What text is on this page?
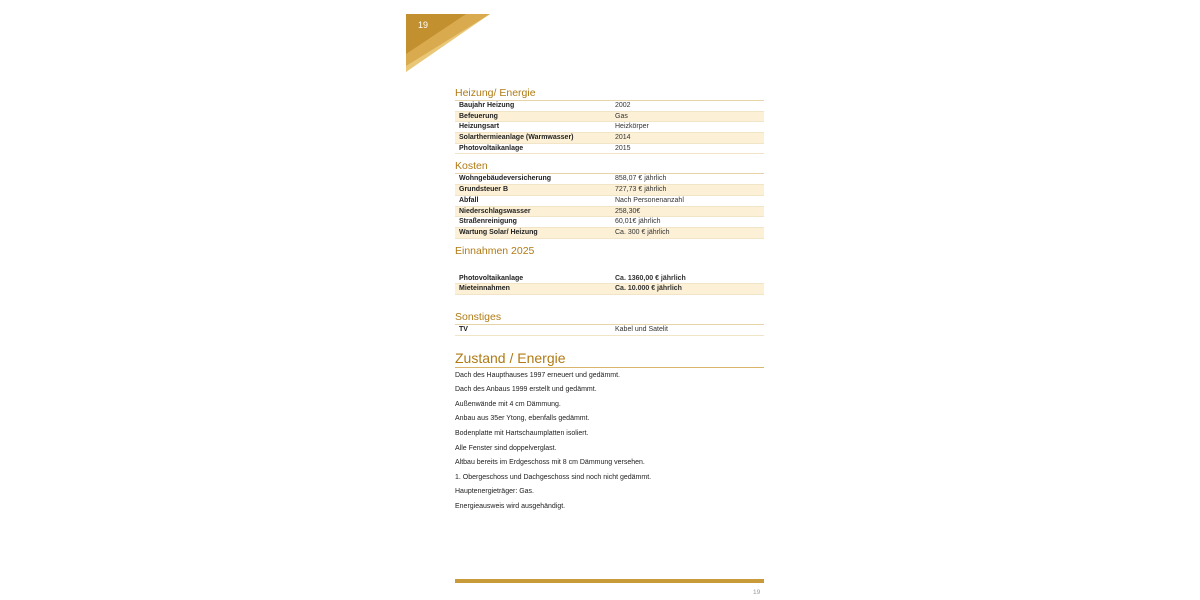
19
Heizung/ Energie
Baujahr Heizung	2002
Befeuerung	Gas
Heizungsart	Heizkörper
Solarthermieanlage (Warmwasser)	2014
Photovoltaikanlage	2015
Kosten
Wohngebäudeversicherung	858,07 € jährlich
Grundsteuer B	727,73 € jährlich
Abfall	Nach Personenanzahl
Niederschlagswasser	258,30€
Straßenreinigung	60,01€ jährlich
Wartung Solar/ Heizung	Ca. 300 € jährlich
Einnahmen 2025
Photovoltaikanlage	Ca. 1360,00 € jährlich
Mieteinnahmen	Ca. 10.000 € jährlich
Sonstiges
TV	Kabel und Satelit
Zustand / Energie

Dach des Haupthauses 1997 erneuert und gedämmt.

Dach des Anbaus 1999 erstellt und gedämmt.

Außenwände mit 4 cm Dämmung.

Anbau aus 35er Ytong, ebenfalls gedämmt.

Bodenplatte mit Hartschaumplatten isoliert.

Alle Fenster sind doppelverglast.

Altbau bereits im Erdgeschoss mit 8 cm Dämmung versehen.

1. Obergeschoss und Dachgeschoss sind noch nicht gedämmt.

Hauptenergieträger: Gas.

Energieausweis wird ausgehändigt.

19
